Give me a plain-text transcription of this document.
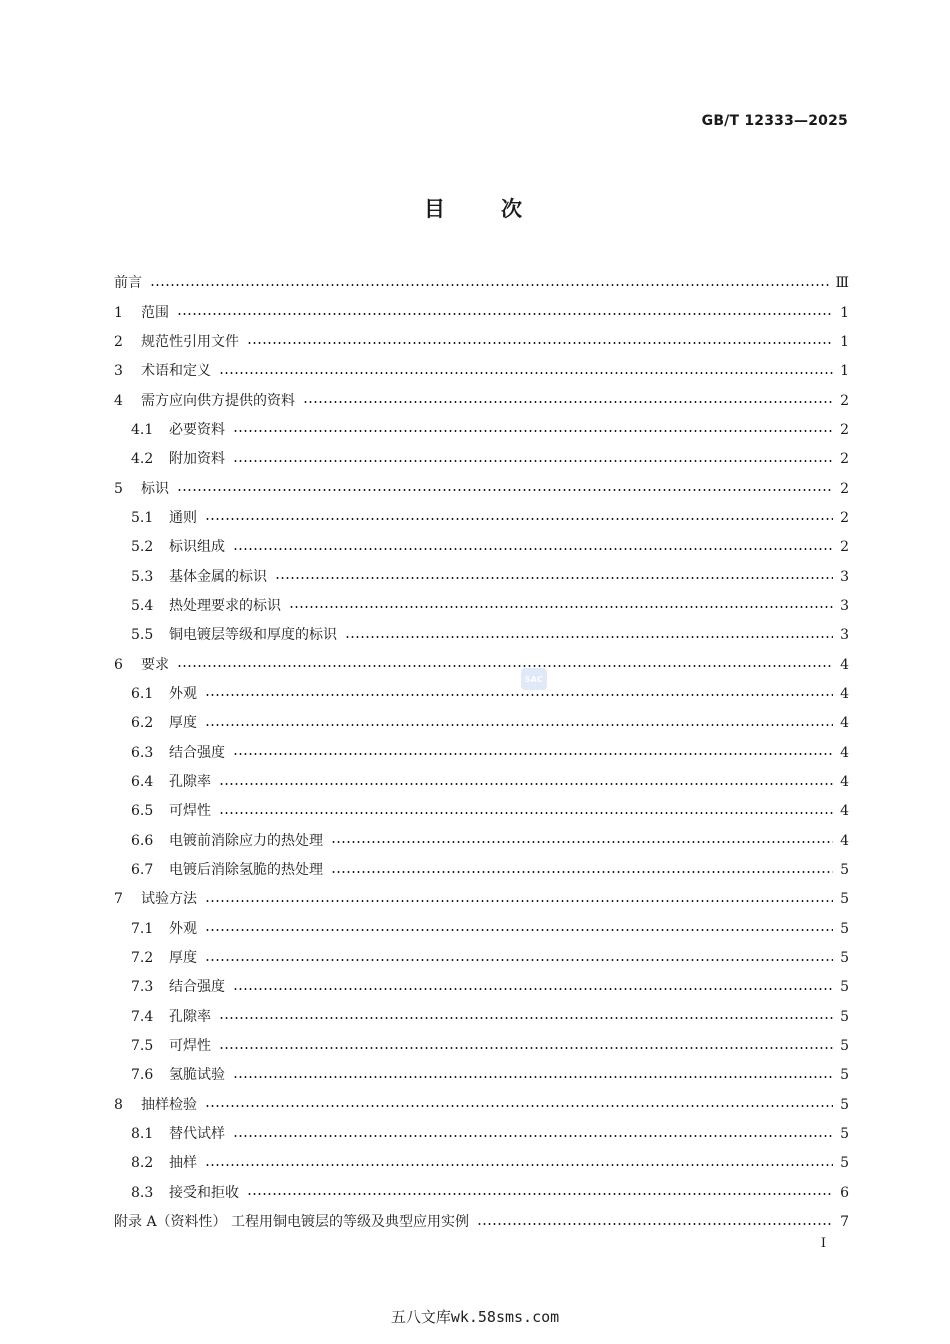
GB/T 12333—2025
目 次
前言	Ⅲ
1	范围	1
2	规范性引用文件	1
3	术语和定义	1
4	需方应向供方提供的资料	2
4.1	必要资料	2
4.2	附加资料	2
5	标识	2
5.1	通则	2
5.2	标识组成	2
5.3	基体金属的标识	3
5.4	热处理要求的标识	3
5.5	铜电镀层等级和厚度的标识	3
6	要求	4
6.1	外观	4
6.2	厚度	4
6.3	结合强度	4
6.4	孔隙率	4
6.5	可焊性	4
6.6	电镀前消除应力的热处理	4
6.7	电镀后消除氢脆的热处理	5
7	试验方法	5
7.1	外观	5
7.2	厚度	5
7.3	结合强度	5
7.4	孔隙率	5
7.5	可焊性	5
7.6	氢脆试验	5
8	抽样检验	5
8.1	替代试样	5
8.2	抽样	5
8.3	接受和拒收	6
附录 A（资料性） 工程用铜电镀层的等级及典型应用实例	7
SAC
Ⅰ
五八文库wk.58sms.com
